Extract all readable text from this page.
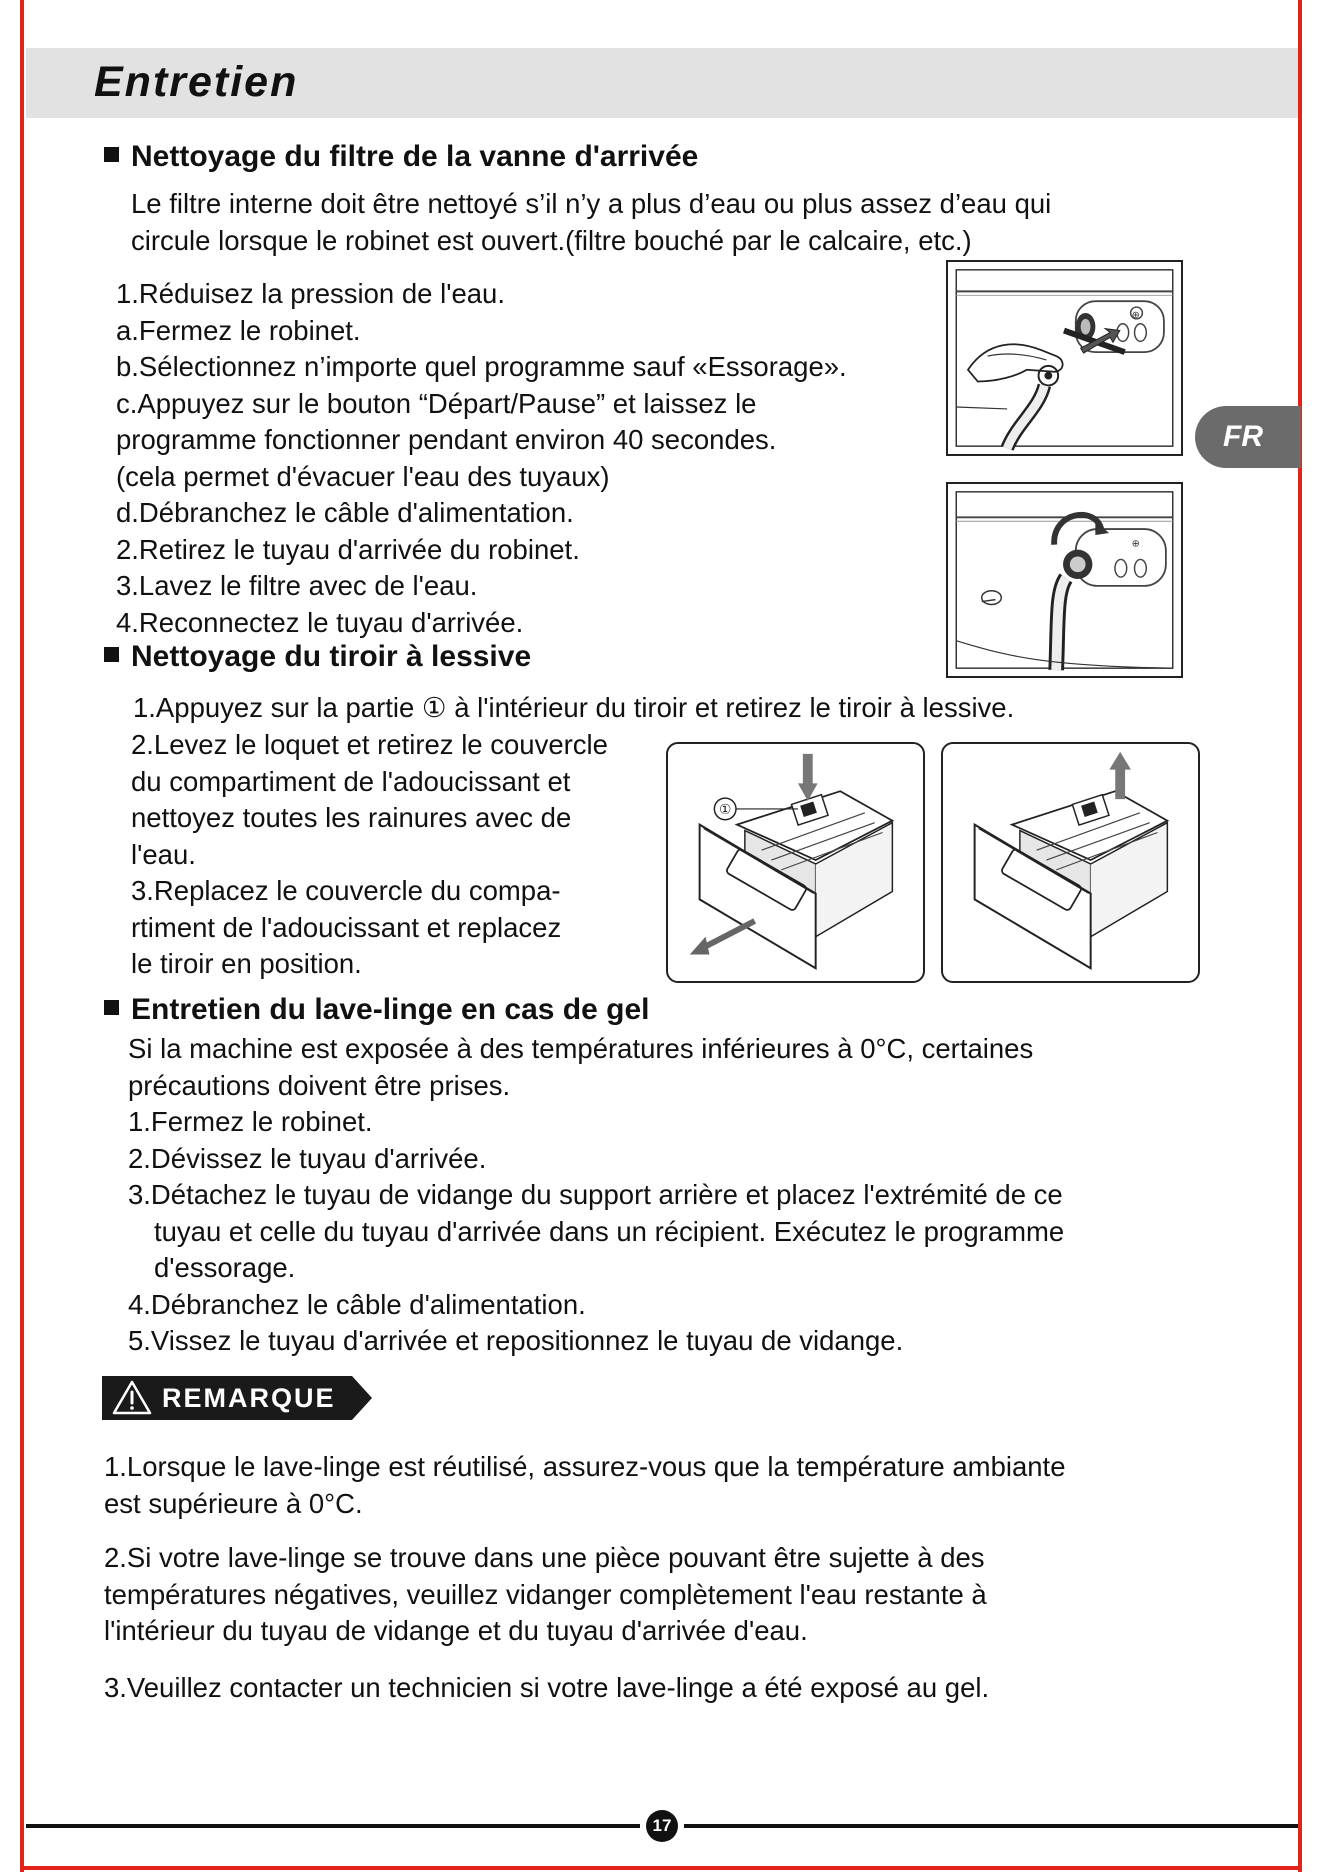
Entretien
FR
Nettoyage du filtre de la vanne d'arrivée
Le filtre interne doit être nettoyé s’il n’y a plus d’eau ou plus assez d’eau qui
circule lorsque le robinet est ouvert.(filtre bouché par le calcaire, etc.)
1.Réduisez la pression de l'eau.
a.Fermez le robinet.
b.Sélectionnez n’importe quel programme sauf «Essorage».
c.Appuyez sur le bouton “Départ/Pause” et laissez le
programme fonctionner pendant environ 40 secondes.
(cela permet d'évacuer l'eau des tuyaux)
d.Débranchez le câble d'alimentation.
2.Retirez le tuyau d'arrivée du robinet.
3.Lavez le filtre avec de l'eau.
4.Reconnectez le tuyau d'arrivée.
⊕
⊕
Nettoyage du tiroir à lessive
1.Appuyez sur la partie ① à l'intérieur du tiroir et retirez le tiroir à lessive.
2.Levez le loquet et retirez le couvercle
du compartiment de l'adoucissant et
nettoyez toutes les rainures avec de
l'eau.
3.Replacez le couvercle du compa-
rtiment de l'adoucissant et replacez
le tiroir en position.
①
Entretien du lave-linge en cas de gel
Si la machine est exposée à des températures inférieures à 0°C, certaines
précautions doivent être prises.
1.Fermez le robinet.
2.Dévissez le tuyau d'arrivée.
3.Détachez le tuyau de vidange du support arrière et placez l'extrémité de ce
tuyau et celle du tuyau d'arrivée dans un récipient. Exécutez le programme
d'essorage.
4.Débranchez le câble d'alimentation.
5.Vissez le tuyau d'arrivée et repositionnez le tuyau de vidange.
REMARQUE
1.Lorsque le lave-linge est réutilisé, assurez-vous que la température ambiante
est supérieure à 0°C.
2.Si votre lave-linge se trouve dans une pièce pouvant être sujette à des
températures négatives, veuillez vidanger complètement l'eau restante à
l'intérieur du tuyau de vidange et du tuyau d'arrivée d'eau.
3.Veuillez contacter un technicien si votre lave-linge a été exposé au gel.
17
